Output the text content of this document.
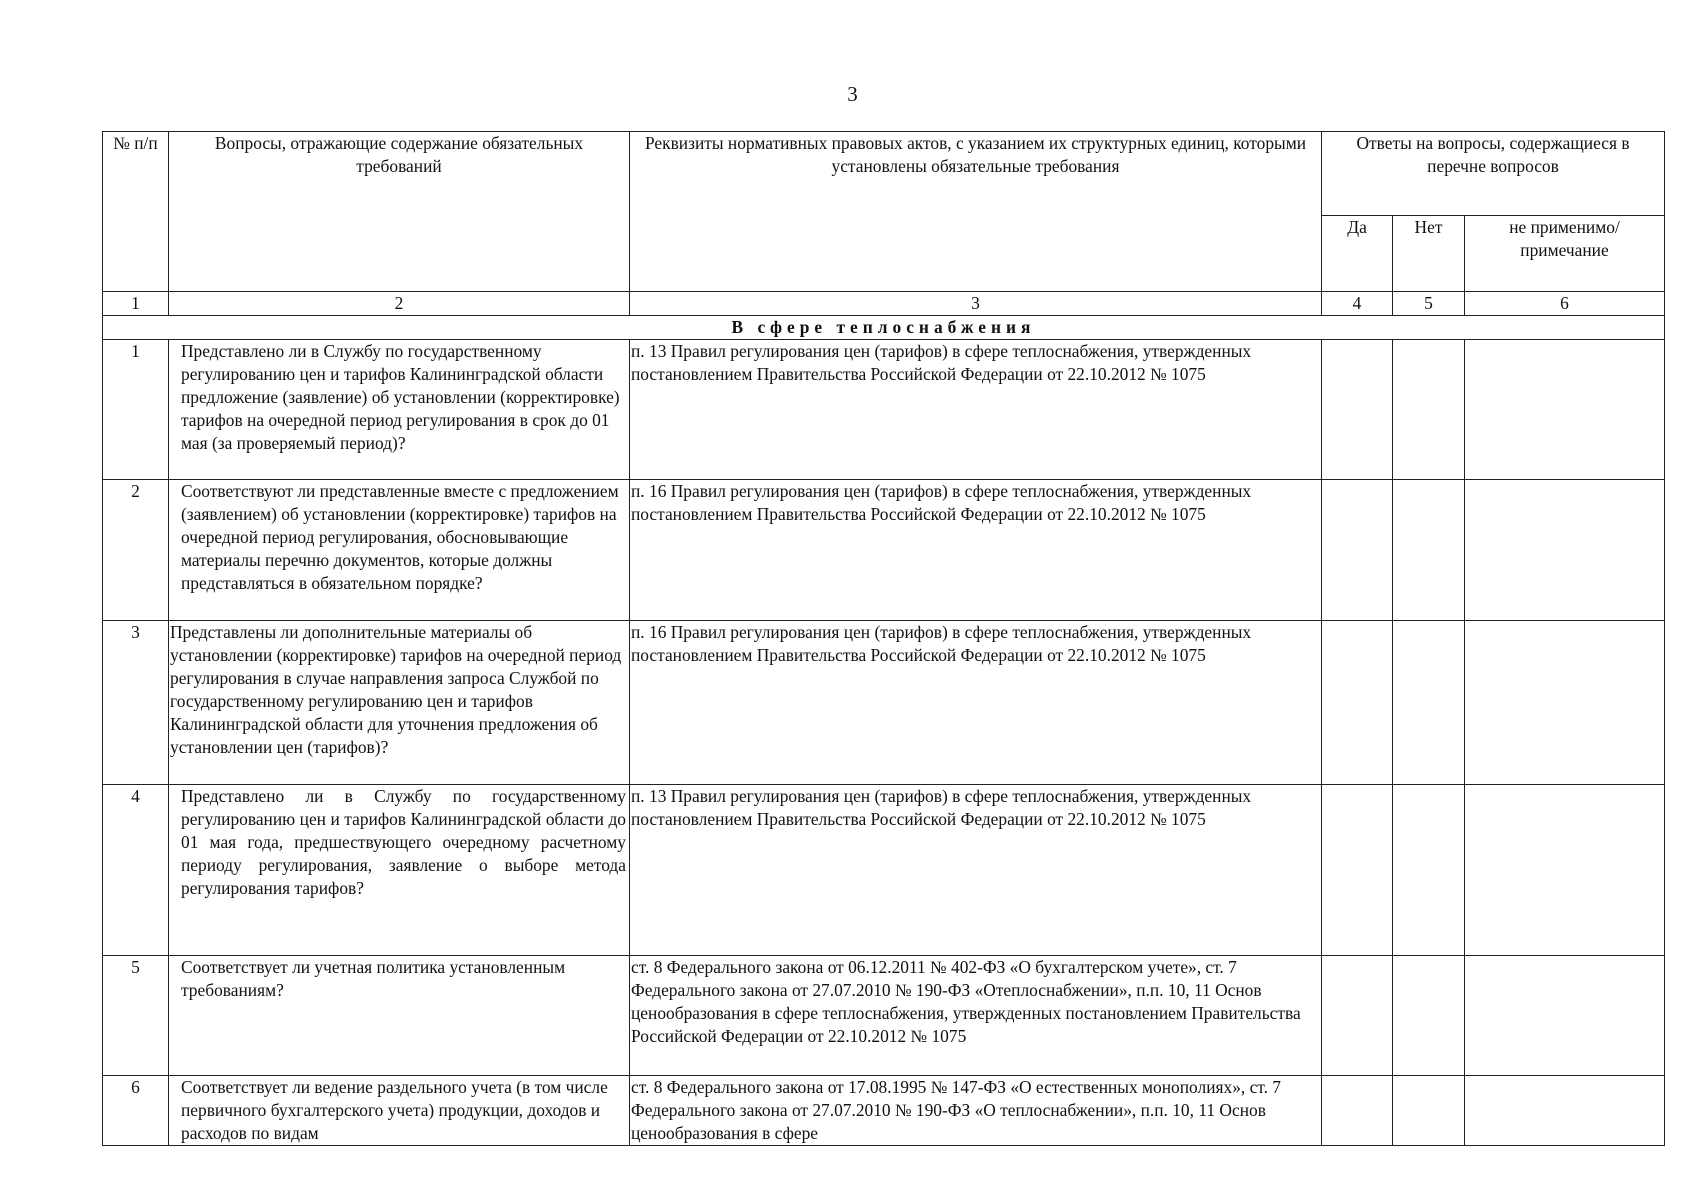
3
№ п/п	Вопросы, отражающие содержание обязательных требований	Реквизиты нормативных правовых актов, с указанием их структурных единиц, которыми установлены обязательные требования	Ответы на вопросы, содержащиеся в перечне вопросов		
			Да	Нет	не применимо/ примечание
1	2	3	4	5	6
В сфере теплоснабжения					
1	Представлено ли в Службу по государственному регулированию цен и тарифов Калининградской области предложение (заявление) об установлении (корректировке) тарифов на очередной период регулирования в срок до 01 мая (за проверяемый период)?	п. 13 Правил регулирования цен (тарифов) в сфере теплоснабжения, утвержденных постановлением Правительства Российской Федерации от 22.10.2012 № 1075			
2	Соответствуют ли представленные вместе с предложением (заявлением) об установлении (корректировке) тарифов на очередной период регулирования, обосновывающие материалы перечню документов, которые должны представляться в обязательном порядке?	п. 16 Правил регулирования цен (тарифов) в сфере теплоснабжения, утвержденных постановлением Правительства Российской Федерации от 22.10.2012 № 1075			
3	Представлены ли дополнительные материалы об установлении (корректировке) тарифов на очередной период регулирования в случае направления запроса Службой по государственному регулированию цен и тарифов Калининградской области для уточнения предложения об установлении цен (тарифов)?	п. 16 Правил регулирования цен (тарифов) в сфере теплоснабжения, утвержденных постановлением Правительства Российской Федерации от 22.10.2012 № 1075			
4	Представлено ли в Службу по государственному регулированию цен и тарифов Калининградской области до 01 мая года, предшествующего очередному расчетному периоду регулирования, заявление о выборе метода регулирования тарифов?	п. 13 Правил регулирования цен (тарифов) в сфере теплоснабжения, утвержденных постановлением Правительства Российской Федерации от 22.10.2012 № 1075			
5	Соответствует ли учетная политика установленным требованиям?	ст. 8 Федерального закона от 06.12.2011 № 402-ФЗ «О бухгалтерском учете», ст. 7 Федерального закона от 27.07.2010 № 190-ФЗ «Отеплоснабжении», п.п. 10, 11 Основ ценообразования в сфере теплоснабжения, утвержденных постановлением Правительства Российской Федерации от 22.10.2012 № 1075			
6	Соответствует ли ведение раздельного учета (в том числе первичного бухгалтерского учета) продукции, доходов и расходов по видам	ст. 8 Федерального закона от 17.08.1995 № 147-ФЗ «О естественных монополиях», ст. 7 Федерального закона от 27.07.2010 № 190-ФЗ «О теплоснабжении», п.п. 10, 11 Основ ценообразования в сфере			
